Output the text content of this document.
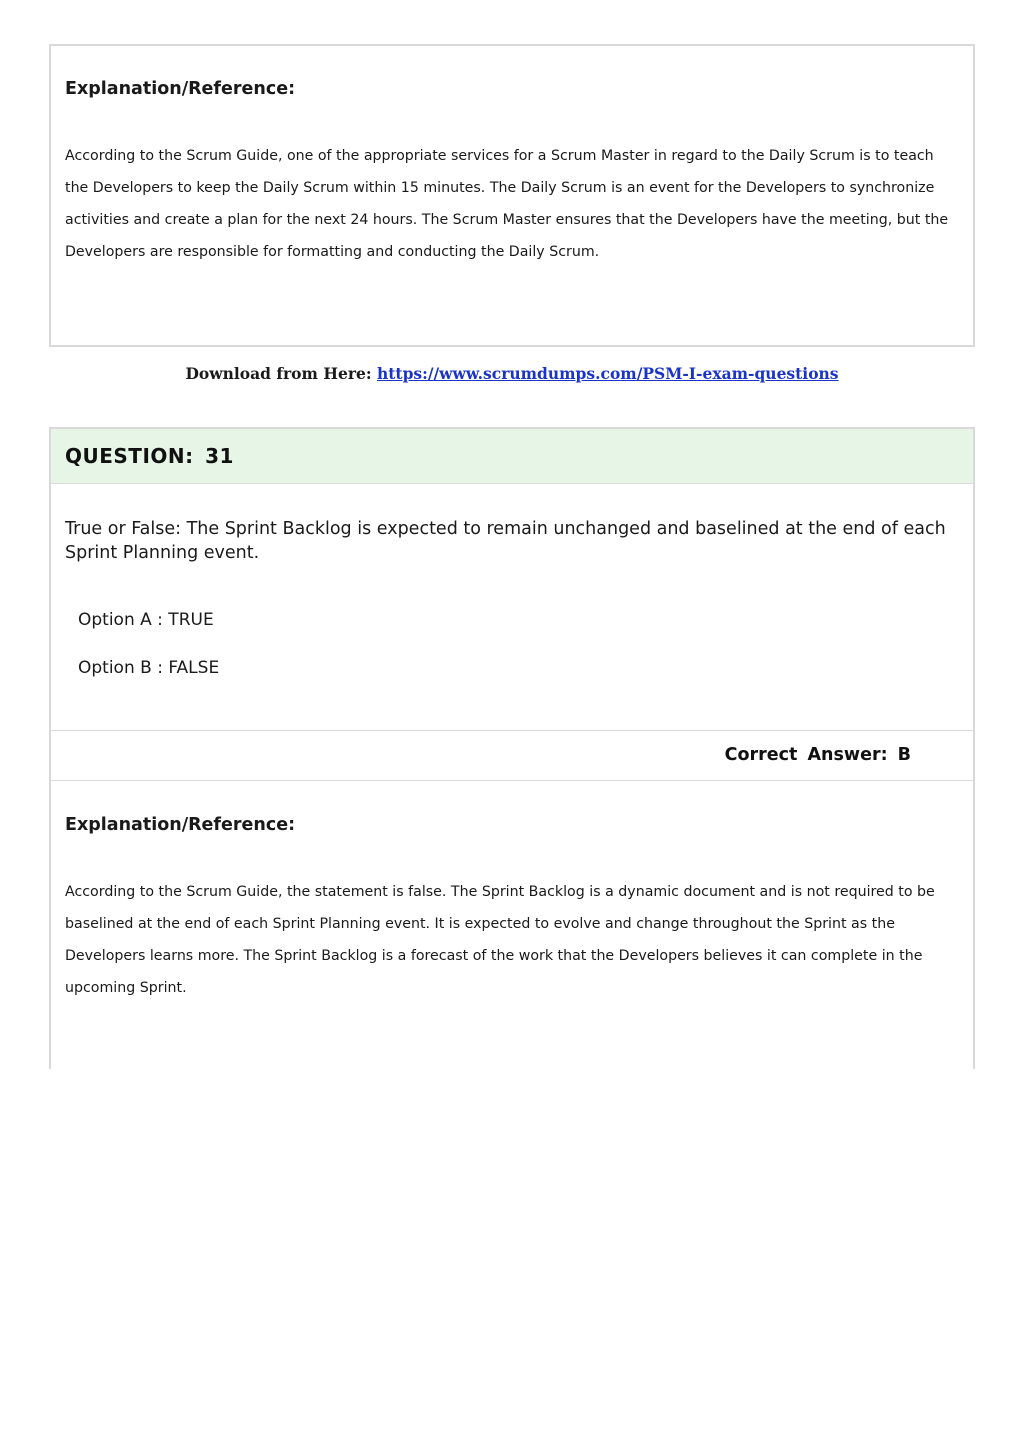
Explanation/Reference:
According to the Scrum Guide, one of the appropriate services for a Scrum Master in regard to the Daily Scrum is to teach the Developers to keep the Daily Scrum within 15 minutes. The Daily Scrum is an event for the Developers to synchronize activities and create a plan for the next 24 hours. The Scrum Master ensures that the Developers have the meeting, but the Developers are responsible for formatting and conducting the Daily Scrum.
Download from Here: https://www.scrumdumps.com/PSM-I-exam-questions
QUESTION: 31
True or False: The Sprint Backlog is expected to remain unchanged and baselined at the end of each Sprint Planning event.
Option A : TRUE
Option B : FALSE
Correct Answer: B
Explanation/Reference:
According to the Scrum Guide, the statement is false. The Sprint Backlog is a dynamic document and is not required to be baselined at the end of each Sprint Planning event. It is expected to evolve and change throughout the Sprint as the Developers learns more. The Sprint Backlog is a forecast of the work that the Developers believes it can complete in the upcoming Sprint.
